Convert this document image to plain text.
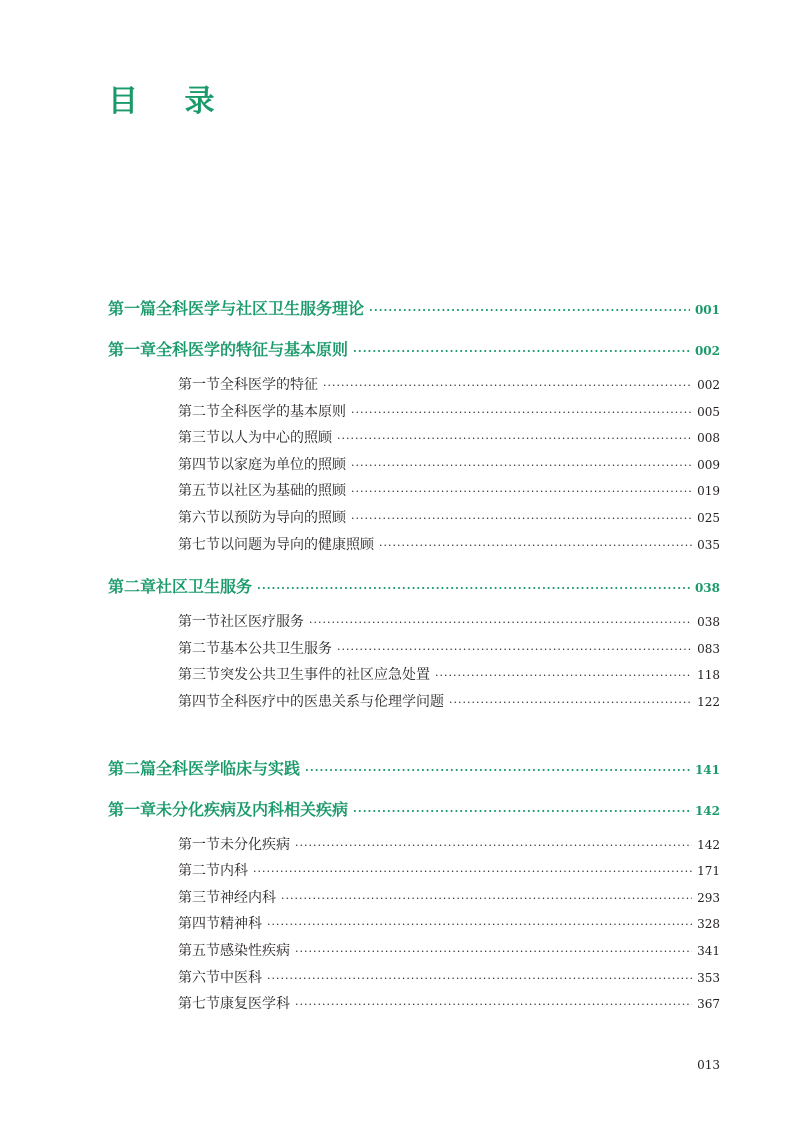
目 录
第一篇 全科医学与社区卫生服务理论 ·····	001
第一章 全科医学的特征与基本原则 ·····	002
第一节 全科医学的特征 ·····	002
第二节 全科医学的基本原则 ·····	005
第三节 以人为中心的照顾 ·····	008
第四节 以家庭为单位的照顾 ·····	009
第五节 以社区为基础的照顾 ·····	019
第六节 以预防为导向的照顾 ·····	025
第七节 以问题为导向的健康照顾 ·····	035
第二章 社区卫生服务 ·····	038
第一节 社区医疗服务 ·····	038
第二节 基本公共卫生服务 ·····	083
第三节 突发公共卫生事件的社区应急处置 ·····	118
第四节 全科医疗中的医患关系与伦理学问题 ·····	122
第二篇 全科医学临床与实践 ·····	141
第一章 未分化疾病及内科相关疾病 ·····	142
第一节 未分化疾病 ·····	142
第二节 内科 ·····	171
第三节 神经内科 ·····	293
第四节 精神科 ·····	328
第五节 感染性疾病 ·····	341
第六节 中医科 ·····	353
第七节 康复医学科 ·····	367
013
